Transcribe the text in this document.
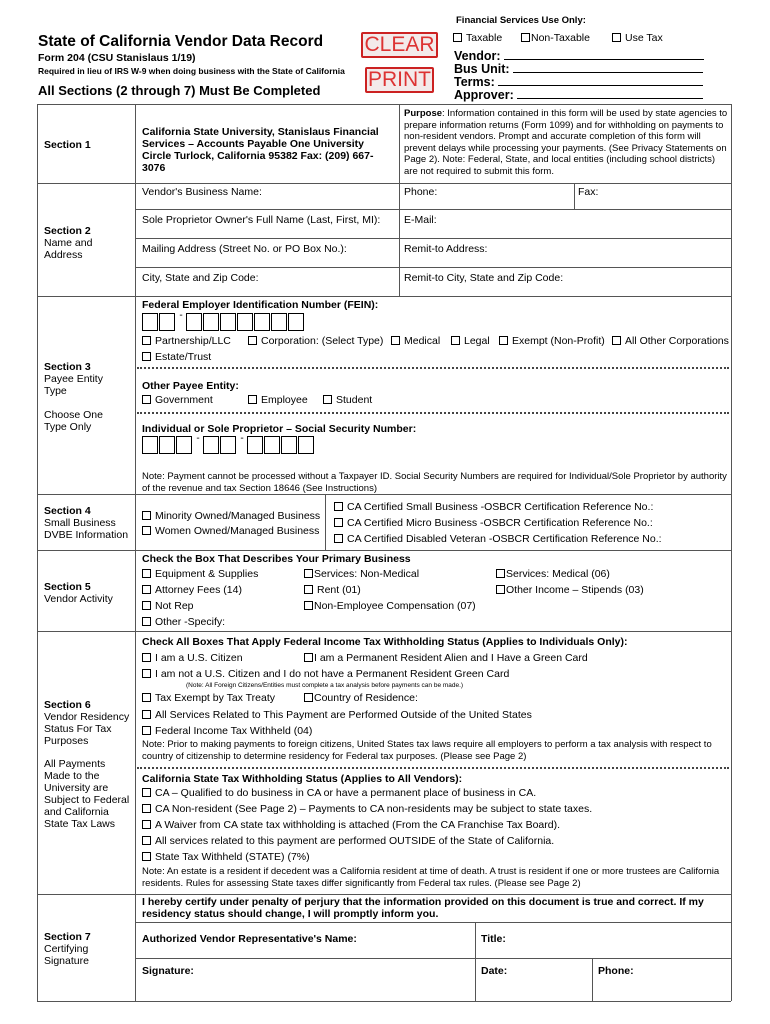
Financial Services Use Only:
Taxable	Non-Taxable	Use Tax
Vendor:
Bus Unit:
Terms:
Approver:
State of California Vendor Data Record
Form 204 (CSU Stanislaus 1/19)
Required in lieu of IRS W-9 when doing business with the State of California
All Sections (2 through 7) Must Be Completed
CLEAR
PRINT
Section 1
California State University, Stanislaus Financial Services – Accounts Payable One University Circle Turlock, California 95382 Fax: (209) 667-3076
Purpose: Information contained in this form will be used by state agencies to prepare information returns (Form 1099) and for withholding on payments to non-resident vendors. Prompt and accurate completion of this form will prevent delays while processing your payments. (See Privacy Statements on Page 2). Note: Federal, State, and local entities (including school districts) are not required to submit this form.
Section 2
Name and Address
Vendor's Business Name:	Phone:	Fax:
Sole Proprietor Owner's Full Name (Last, First, MI): E-Mail:
Mailing Address (Street No. or PO Box No.):	Remit-to Address:
City, State and Zip Code:	Remit-to City, State and Zip Code:
Section 3
Payee Entity Type
Choose One Type Only
Federal Employer Identification Number (FEIN):
-
Partnership/LLC	Corporation: (Select Type)	Medical	Legal	Exempt (Non-Profit)	All Other Corporations
Estate/Trust
Other Payee Entity:
Government	Employee	Student
Individual or Sole Proprietor – Social Security Number:
-	-
Note: Payment cannot be processed without a Taxpayer ID. Social Security Numbers are required for Individual/Sole Proprietor by authority of the revenue and tax Section 18646 (See Instructions)
Section 4
Small Business DVBE Information
Minority Owned/Managed Business
Women Owned/Managed Business
CA Certified Small Business -OSBCR Certification Reference No.:
CA Certified Micro Business -OSBCR Certification Reference No.:
CA Certified Disabled Veteran -OSBCR Certification Reference No.:
Section 5
Vendor Activity
Check the Box That Describes Your Primary Business
Equipment & Supplies	Services: Non-Medical	Services: Medical (06)
Attorney Fees (14)	Rent (01)	Other Income – Stipends (03)
Not Rep	Non-Employee Compensation (07)
Other -Specify:
Section 6
Vendor Residency Status For Tax Purposes
All Payments Made to the University are Subject to Federal and California State Tax Laws
Check All Boxes That Apply Federal Income Tax Withholding Status (Applies to Individuals Only):
I am a U.S. Citizen	I am a Permanent Resident Alien and I Have a Green Card
I am not a U.S. Citizen and I do not have a Permanent Resident Green Card
(Note: All Foreign Citizens/Entities must complete a tax analysis before payments can be made.)
Tax Exempt by Tax Treaty	Country of Residence:
All Services Related to This Payment are Performed Outside of the United States
Federal Income Tax Withheld (04)
Note: Prior to making payments to foreign citizens, United States tax laws require all employers to perform a tax analysis with respect to country of citizenship to determine residency for Federal tax purposes. (Please see Page 2)
California State Tax Withholding Status (Applies to All Vendors):
CA – Qualified to do business in CA or have a permanent place of business in CA.
CA Non-resident (See Page 2) – Payments to CA non-residents may be subject to state taxes.
A Waiver from CA state tax withholding is attached (From the CA Franchise Tax Board).
All services related to this payment are performed OUTSIDE of the State of California.
State Tax Withheld (STATE) (7%)
Note: An estate is a resident if decedent was a California resident at time of death. A trust is resident if one or more trustees are California residents. Rules for assessing State taxes differ significantly from Federal tax rules. (Please see Page 2)
Section 7
Certifying Signature
I hereby certify under penalty of perjury that the information provided on this document is true and correct. If my residency status should change, I will promptly inform you.
Authorized Vendor Representative's Name:	Title:
Signature:	Date:	Phone:
